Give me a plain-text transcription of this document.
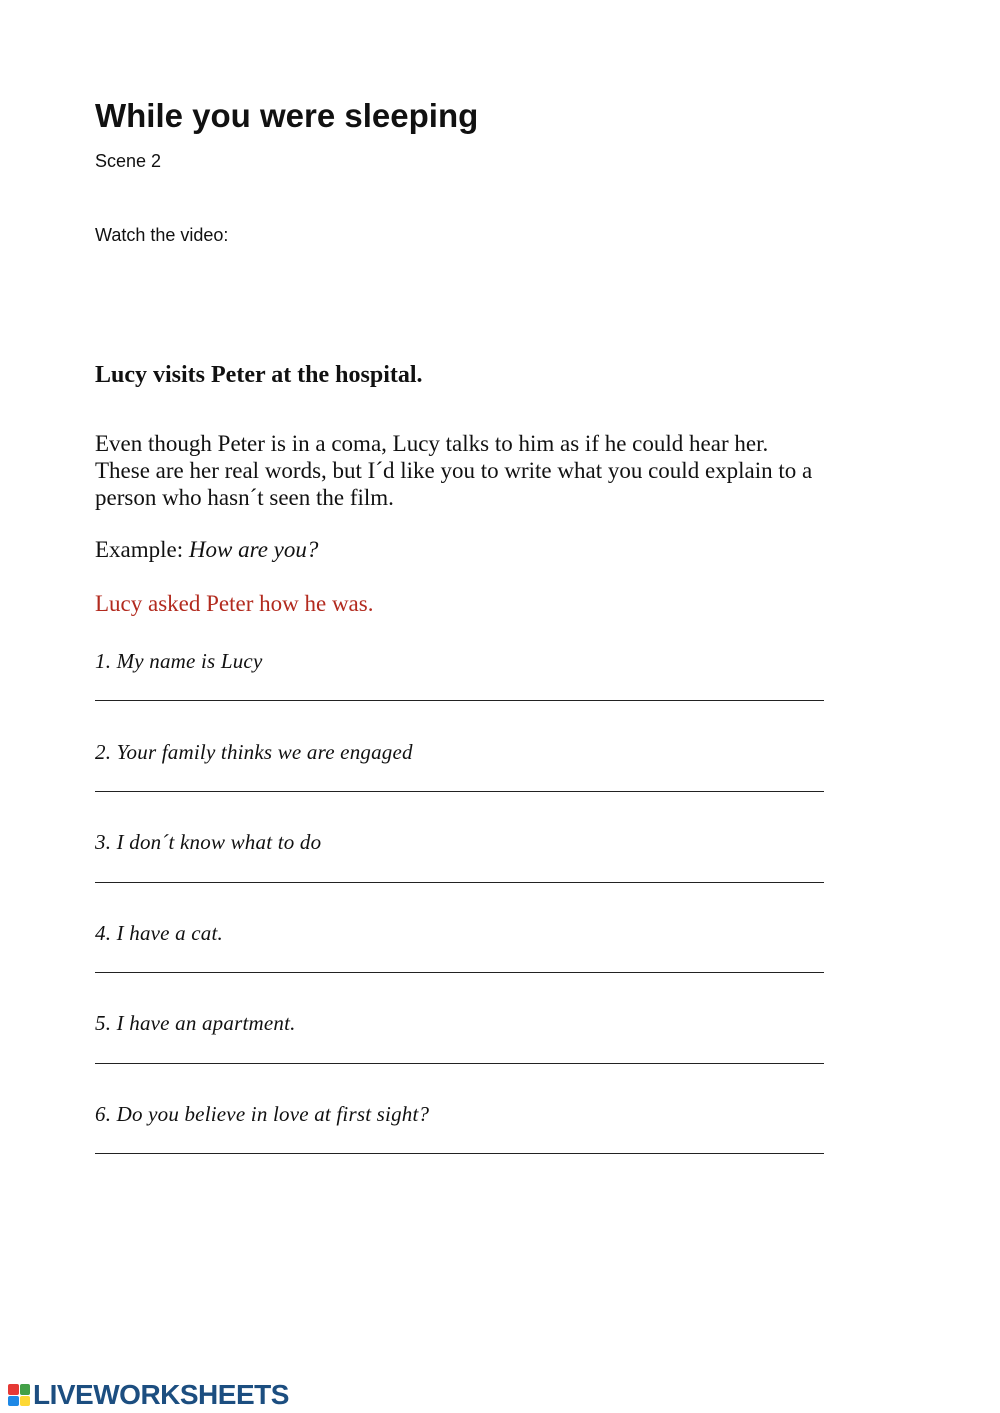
While you were sleeping
Scene 2
Watch the video:
Lucy visits Peter at the hospital.
Even though Peter is in a coma, Lucy talks to him as if he could hear her.
These are her real words, but I´d like you to write what you could explain to a
person who hasn´t seen the film.
Example: How are you?
Lucy asked Peter how he was.
1. My name is Lucy
2. Your family thinks we are engaged
3. I don´t know what to do
4. I have a cat.
5. I have an apartment.
6. Do you believe in love at first sight?
LIVEWORKSHEETS
